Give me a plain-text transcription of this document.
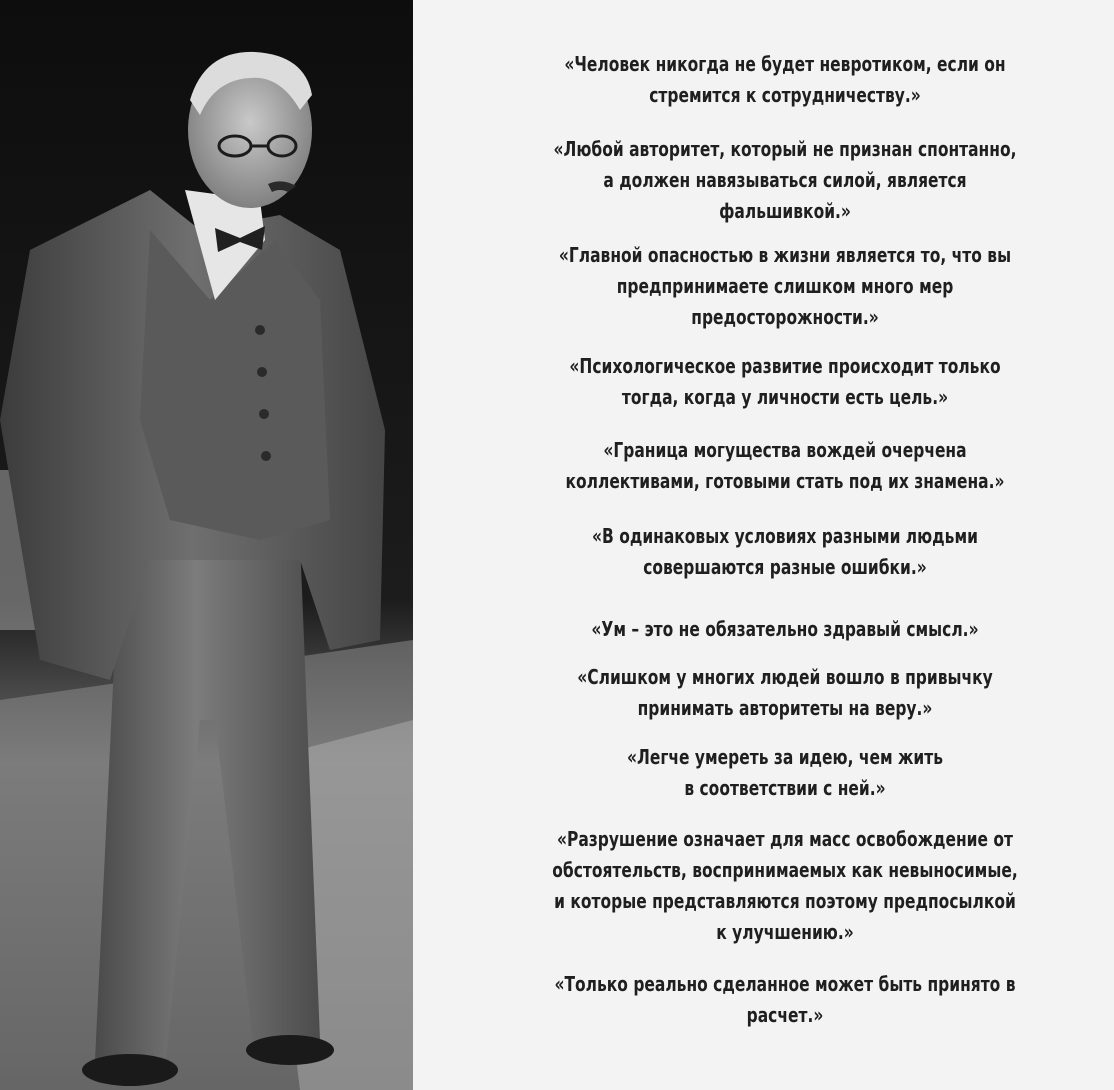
«Человек никогда не будет невротиком, если он
стремится к сотрудничеству.»
«Любой авторитет, который не признан спонтанно,
а должен навязываться силой, является
фальшивкой.»
«Главной опасностью в жизни является то, что вы
предпринимаете слишком много мер
предосторожности.»
«Психологическое развитие происходит только
тогда, когда у личности есть цель.»
«Граница могущества вождей очерчена
коллективами, готовыми стать под их знамена.»
«В одинаковых условиях разными людьми
совершаются разные ошибки.»
«Ум – это не обязательно здравый смысл.»
«Слишком у многих людей вошло в привычку
принимать авторитеты на веру.»
«Легче умереть за идею, чем жить
в соответствии с ней.»
«Разрушение означает для масс освобождение от
обстоятельств, воспринимаемых как невыносимые,
и которые представляются поэтому предпосылкой
к улучшению.»
«Только реально сделанное может быть принято в
расчет.»
